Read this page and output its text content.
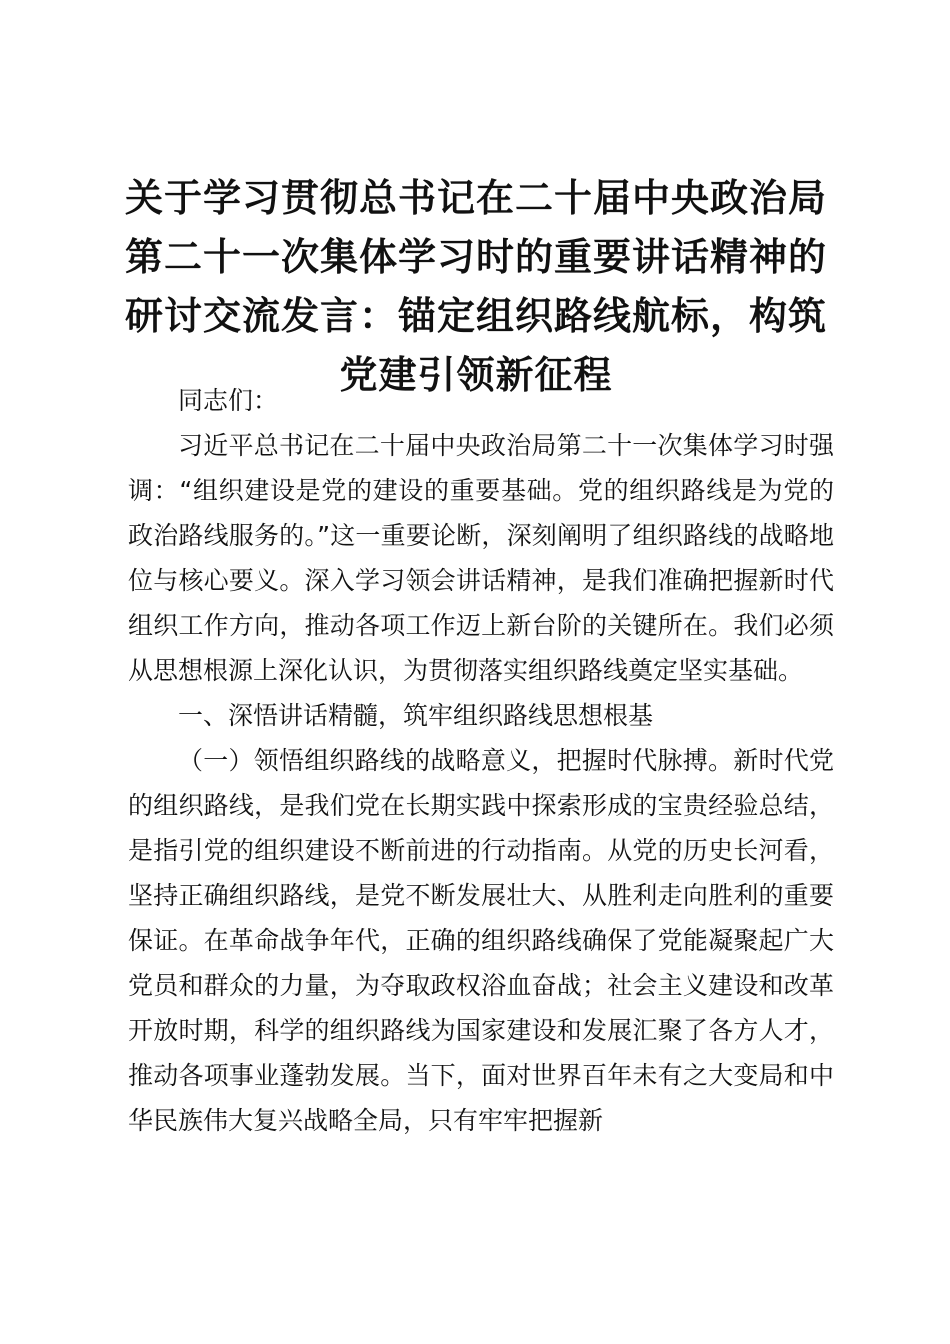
关于学习贯彻总书记在二十届中央政治局第二十一次集体学习时的重要讲话精神的研讨交流发言：锚定组织路线航标，构筑党建引领新征程

同志们：

习近平总书记在二十届中央政治局第二十一次集体学习时强调：“组织建设是党的建设的重要基础。党的组织路线是为党的政治路线服务的。”这一重要论断，深刻阐明了组织路线的战略地位与核心要义。深入学习领会讲话精神，是我们准确把握新时代组织工作方向，推动各项工作迈上新台阶的关键所在。我们必须从思想根源上深化认识，为贯彻落实组织路线奠定坚实基础。

一、深悟讲话精髓，筑牢组织路线思想根基

（一）领悟组织路线的战略意义，把握时代脉搏。新时代党的组织路线，是我们党在长期实践中探索形成的宝贵经验总结，是指引党的组织建设不断前进的行动指南。从党的历史长河看，坚持正确组织路线，是党不断发展壮大、从胜利走向胜利的重要保证。在革命战争年代，正确的组织路线确保了党能凝聚起广大党员和群众的力量，为夺取政权浴血奋战；社会主义建设和改革开放时期，科学的组织路线为国家建设和发展汇聚了各方人才，推动各项事业蓬勃发展。当下，面对世界百年未有之大变局和中华民族伟大复兴战略全局，只有牢牢把握新
